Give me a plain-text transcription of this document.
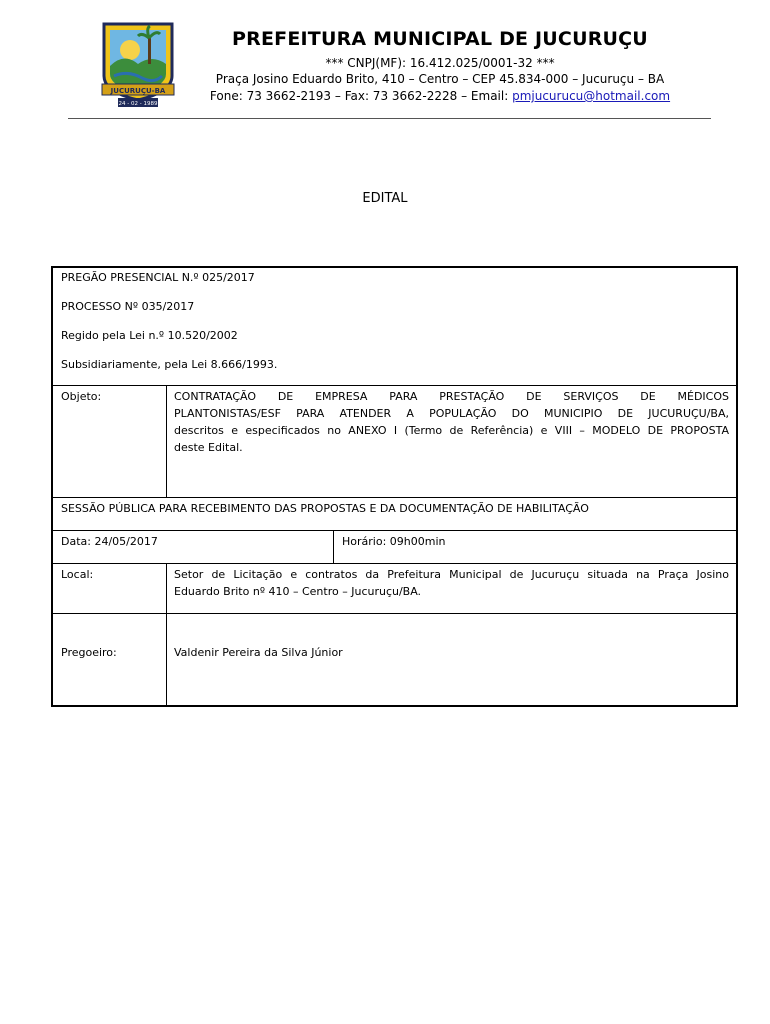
JUCURUÇU-BA
24 - 02 - 1989
PREFEITURA MUNICIPAL DE JUCURUÇU
*** CNPJ(MF): 16.412.025/0001-32 ***
Praça Josino Eduardo Brito, 410 – Centro – CEP 45.834-000 – Jucuruçu – BA
Fone: 73 3662-2193 – Fax: 73 3662-2228 – Email: pmjucurucu@hotmail.com
EDITAL
PREGÃO PRESENCIAL N.º 025/2017
PROCESSO Nº 035/2017
Regido pela Lei n.º 10.520/2002
Subsidiariamente, pela Lei 8.666/1993.
Objeto:	CONTRATAÇÃO DE EMPRESA PARA PRESTAÇÃO DE SERVIÇOS DE MÉDICOS
PLANTONISTAS/ESF PARA ATENDER A POPULAÇÃO DO MUNICIPIO DE JUCURUÇU/BA,
descritos e especificados no ANEXO I (Termo de Referência) e VIII – MODELO DE PROPOSTA
deste Edital.
SESSÃO PÚBLICA PARA RECEBIMENTO DAS PROPOSTAS E DA DOCUMENTAÇÃO DE HABILITAÇÃO
Data: 24/05/2017	Horário: 09h00min
Local:	Setor de Licitação e contratos da Prefeitura Municipal de Jucuruçu situada na Praça Josino
Eduardo Brito nº 410 – Centro – Jucuruçu/BA.
Pregoeiro:	Valdenir Pereira da Silva Júnior
